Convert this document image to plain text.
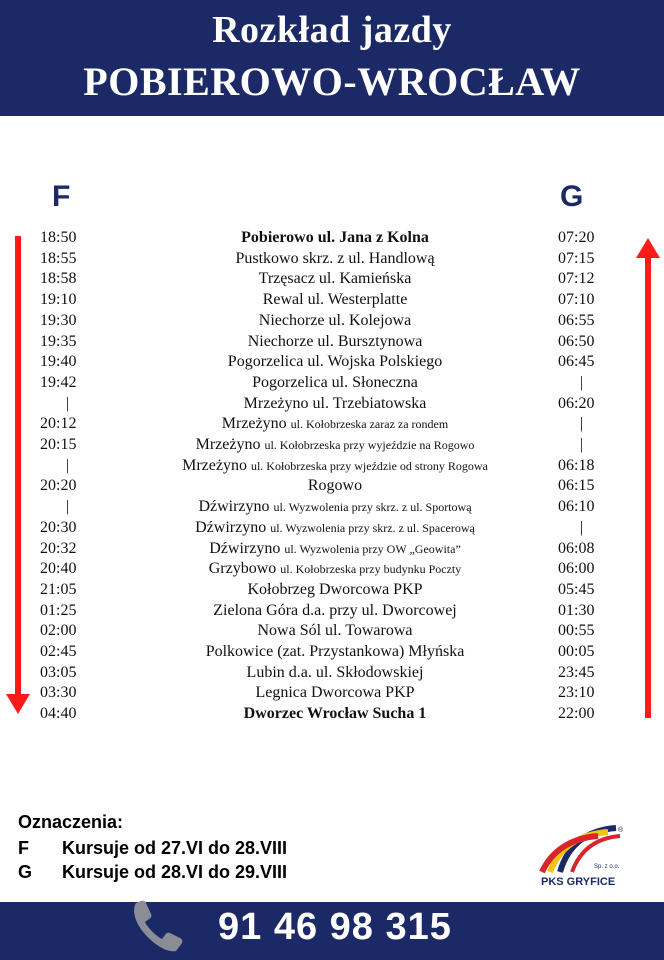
Rozkład jazdy
POBIEROWO-WROCŁAW
F	G
18:50	Pobierowo ul. Jana z Kolna	07:20
18:55	Pustkowo skrz. z ul. Handlową	07:15
18:58	Trzęsacz ul. Kamieńska	07:12
19:10	Rewal ul. Westerplatte	07:10
19:30	Niechorze ul. Kolejowa	06:55
19:35	Niechorze ul. Bursztynowa	06:50
19:40	Pogorzelica ul. Wojska Polskiego	06:45
19:42	Pogorzelica ul. Słoneczna	|
|	Mrzeżyno ul. Trzebiatowska	06:20
20:12	Mrzeżyno ul. Kołobrzeska zaraz za rondem	|
20:15	Mrzeżyno ul. Kołobrzeska przy wyjeździe na Rogowo	|
|	Mrzeżyno ul. Kołobrzeska przy wjeździe od strony Rogowa	06:18
20:20	Rogowo	06:15
|	Dźwirzyno ul. Wyzwolenia przy skrz. z ul. Sportową	06:10
20:30	Dźwirzyno ul. Wyzwolenia przy skrz. z ul. Spacerową	|
20:32	Dźwirzyno ul. Wyzwolenia przy OW „Geowita”	06:08
20:40	Grzybowo ul. Kołobrzeska przy budynku Poczty	06:00
21:05	Kołobrzeg Dworcowa PKP	05:45
01:25	Zielona Góra d.a. przy ul. Dworcowej	01:30
02:00	Nowa Sól ul. Towarowa	00:55
02:45	Polkowice (zat. Przystankowa) Młyńska	00:05
03:05	Lubin d.a. ul. Skłodowskiej	23:45
03:30	Legnica Dworcowa PKP	23:10
04:40	Dworzec Wrocław Sucha 1	22:00
Oznaczenia:
F Kursuje od 27.VI do 28.VIII
G Kursuje od 28.VI do 29.VIII
®
Sp. z o.o.
PKS GRYFICE
91 46 98 315
